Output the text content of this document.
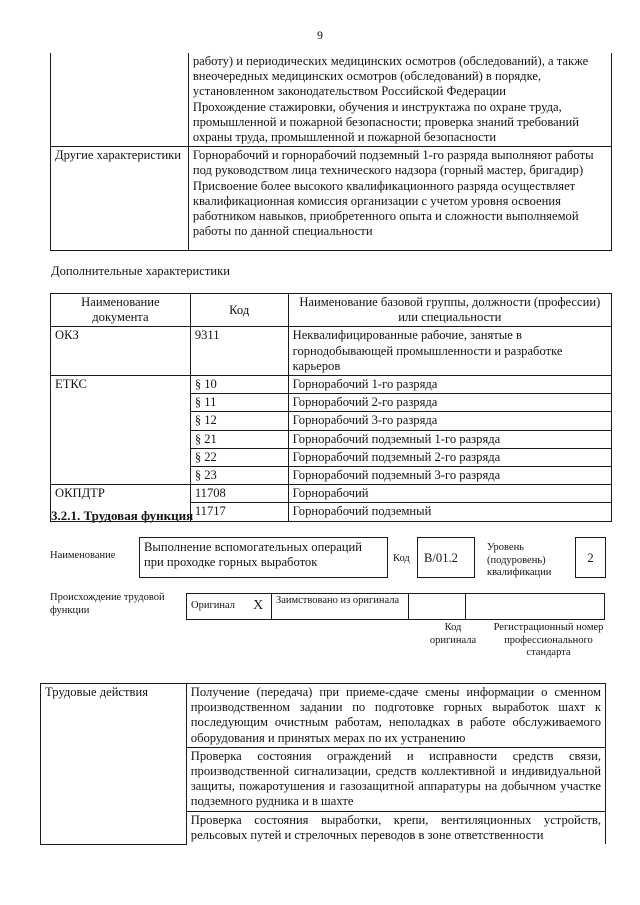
9

	работу) и периодических медицинских осмотров (обследований), а также внеочередных медицинских осмотров (обследований) в порядке, установленном законодательством Российской Федерации

Прохождение стажировки, обучения и инструктажа по охране труда, промышленной и пожарной безопасности; проверка знаний требований охраны труда, промышленной и пожарной безопасности

Другие характеристики	Горнорабочий и горнорабочий подземный 1-го разряда выполняют работы под руководством лица технического надзора (горный мастер, бригадир)

Присвоение более высокого квалификационного разряда осуществляет квалификационная комиссия организации с учетом уровня освоения работником навыков, приобретенного опыта и сложности выполняемой работы по данной специальности

Дополнительные характеристики
Наименование документа	Код	Наименование базовой группы, должности (профессии) или специальности
ОКЗ	9311	Неквалифицированные рабочие, занятые в горнодобывающей промышленности и разработке карьеров
ЕТКС	§ 10	Горнорабочий 1-го разряда
	§ 11	Горнорабочий 2-го разряда
	§ 12	Горнорабочий 3-го разряда
	§ 21	Горнорабочий подземный 1-го разряда
	§ 22	Горнорабочий подземный 2-го разряда
	§ 23	Горнорабочий подземный 3-го разряда
ОКПДТР	11708	Горнорабочий
	11717	Горнорабочий подземный
3.2.1. Трудовая функция
Наименование
Выполнение вспомогательных операций при проходке горных выработок	Код	В/01.2
Уровень (подуровень) квалификации
2
Происхождение трудовой функции	Оригинал	X	Заимствовано из оригинала		
Код оригинала
Регистрационный номер профессионального стандарта
Трудовые действия	Получение (передача) при приеме-сдаче смены информации о сменном производственном задании по подготовке горных выработок шахт к последующим очистным работам, неполадках в работе обслуживаемого оборудования и принятых мерах по их устранению

Проверка состояния ограждений и исправности средств связи, производственной сигнализации, средств коллективной и индивидуальной защиты, пожаротушения и газозащитной аппаратуры на добычном участке подземного рудника и в шахте

Проверка состояния выработки, крепи, вентиляционных устройств, рельсовых путей и стрелочных переводов в зоне ответственности
